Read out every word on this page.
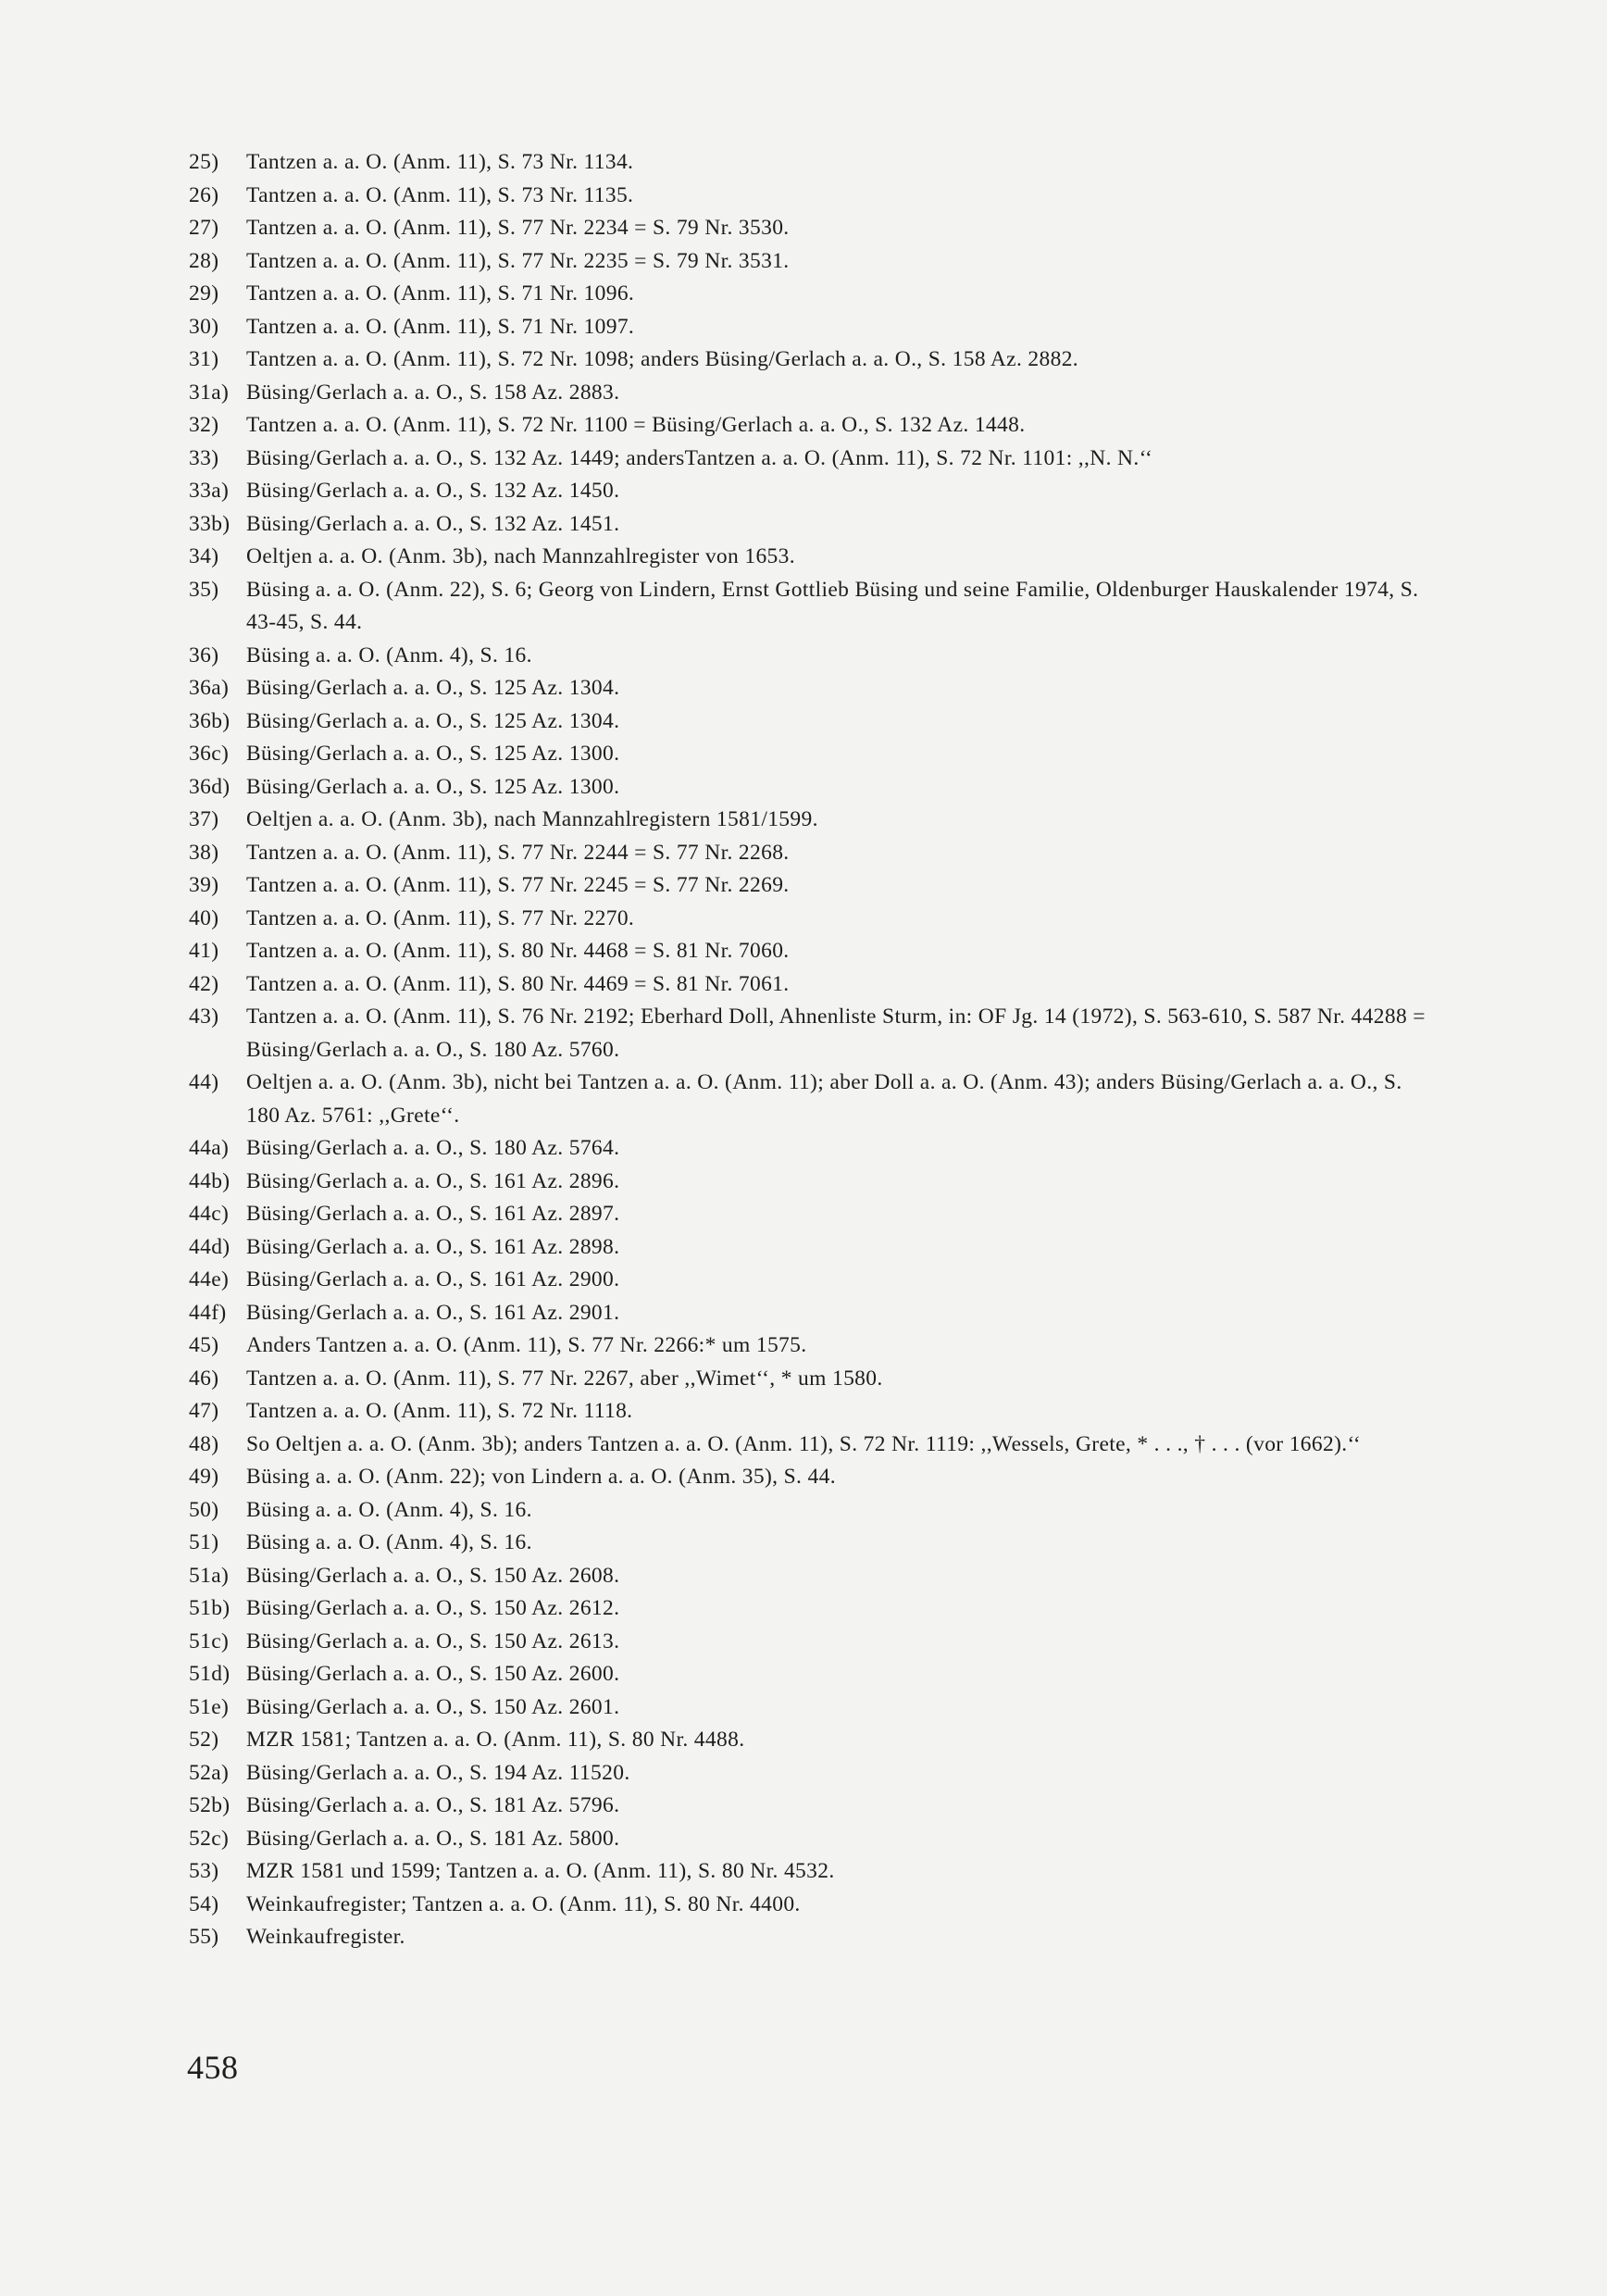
25)	Tantzen a. a. O. (Anm. 11), S. 73 Nr. 1134.
26)	Tantzen a. a. O. (Anm. 11), S. 73 Nr. 1135.
27)	Tantzen a. a. O. (Anm. 11), S. 77 Nr. 2234 = S. 79 Nr. 3530.
28)	Tantzen a. a. O. (Anm. 11), S. 77 Nr. 2235 = S. 79 Nr. 3531.
29)	Tantzen a. a. O. (Anm. 11), S. 71 Nr. 1096.
30)	Tantzen a. a. O. (Anm. 11), S. 71 Nr. 1097.
31)	Tantzen a. a. O. (Anm. 11), S. 72 Nr. 1098; anders Büsing/Gerlach a. a. O., S. 158 Az. 2882.
31a) Büsing/Gerlach a. a. O., S. 158 Az. 2883.
32)	Tantzen a. a. O. (Anm. 11), S. 72 Nr. 1100 = Büsing/Gerlach a. a. O., S. 132 Az. 1448.
33)	Büsing/Gerlach a. a. O., S. 132 Az. 1449; andersTantzen a. a. O. (Anm. 11), S. 72 Nr. 1101: ,,N. N.‘‘
33a) Büsing/Gerlach a. a. O., S. 132 Az. 1450.
33b) Büsing/Gerlach a. a. O., S. 132 Az. 1451.
34)	Oeltjen a. a. O. (Anm. 3b), nach Mannzahlregister von 1653.
35)	Büsing a. a. O. (Anm. 22), S. 6; Georg von Lindern, Ernst Gottlieb Büsing und seine Familie, Oldenburger Hauskalender 1974, S. 43-45, S. 44.
36)	Büsing a. a. O. (Anm. 4), S. 16.
36a) Büsing/Gerlach a. a. O., S. 125 Az. 1304.
36b) Büsing/Gerlach a. a. O., S. 125 Az. 1304.
36c) Büsing/Gerlach a. a. O., S. 125 Az. 1300.
36d) Büsing/Gerlach a. a. O., S. 125 Az. 1300.
37)	Oeltjen a. a. O. (Anm. 3b), nach Mannzahlregistern 1581/1599.
38)	Tantzen a. a. O. (Anm. 11), S. 77 Nr. 2244 = S. 77 Nr. 2268.
39)	Tantzen a. a. O. (Anm. 11), S. 77 Nr. 2245 = S. 77 Nr. 2269.
40)	Tantzen a. a. O. (Anm. 11), S. 77 Nr. 2270.
41)	Tantzen a. a. O. (Anm. 11), S. 80 Nr. 4468 = S. 81 Nr. 7060.
42)	Tantzen a. a. O. (Anm. 11), S. 80 Nr. 4469 = S. 81 Nr. 7061.
43)	Tantzen a. a. O. (Anm. 11), S. 76 Nr. 2192; Eberhard Doll, Ahnenliste Sturm, in: OF Jg. 14 (1972), S. 563-610, S. 587 Nr. 44288 = Büsing/Gerlach a. a. O., S. 180 Az. 5760.
44)	Oeltjen a. a. O. (Anm. 3b), nicht bei Tantzen a. a. O. (Anm. 11); aber Doll a. a. O. (Anm. 43); anders Büsing/Gerlach a. a. O., S. 180 Az. 5761: ,,Grete‘‘.
44a) Büsing/Gerlach a. a. O., S. 180 Az. 5764.
44b) Büsing/Gerlach a. a. O., S. 161 Az. 2896.
44c) Büsing/Gerlach a. a. O., S. 161 Az. 2897.
44d) Büsing/Gerlach a. a. O., S. 161 Az. 2898.
44e) Büsing/Gerlach a. a. O., S. 161 Az. 2900.
44f) Büsing/Gerlach a. a. O., S. 161 Az. 2901.
45)	Anders Tantzen a. a. O. (Anm. 11), S. 77 Nr. 2266:* um 1575.
46)	Tantzen a. a. O. (Anm. 11), S. 77 Nr. 2267, aber ,,Wimet‘‘, * um 1580.
47)	Tantzen a. a. O. (Anm. 11), S. 72 Nr. 1118.
48)	So Oeltjen a. a. O. (Anm. 3b); anders Tantzen a. a. O. (Anm. 11), S. 72 Nr. 1119: ,,Wessels, Grete, * . . ., † . . . (vor 1662).‘‘
49)	Büsing a. a. O. (Anm. 22); von Lindern a. a. O. (Anm. 35), S. 44.
50)	Büsing a. a. O. (Anm. 4), S. 16.
51)	Büsing a. a. O. (Anm. 4), S. 16.
51a) Büsing/Gerlach a. a. O., S. 150 Az. 2608.
51b) Büsing/Gerlach a. a. O., S. 150 Az. 2612.
51c) Büsing/Gerlach a. a. O., S. 150 Az. 2613.
51d) Büsing/Gerlach a. a. O., S. 150 Az. 2600.
51e) Büsing/Gerlach a. a. O., S. 150 Az. 2601.
52)	MZR 1581; Tantzen a. a. O. (Anm. 11), S. 80 Nr. 4488.
52a) Büsing/Gerlach a. a. O., S. 194 Az. 11520.
52b) Büsing/Gerlach a. a. O., S. 181 Az. 5796.
52c) Büsing/Gerlach a. a. O., S. 181 Az. 5800.
53)	MZR 1581 und 1599; Tantzen a. a. O. (Anm. 11), S. 80 Nr. 4532.
54)	Weinkaufregister; Tantzen a. a. O. (Anm. 11), S. 80 Nr. 4400.
55)	Weinkaufregister.
458
